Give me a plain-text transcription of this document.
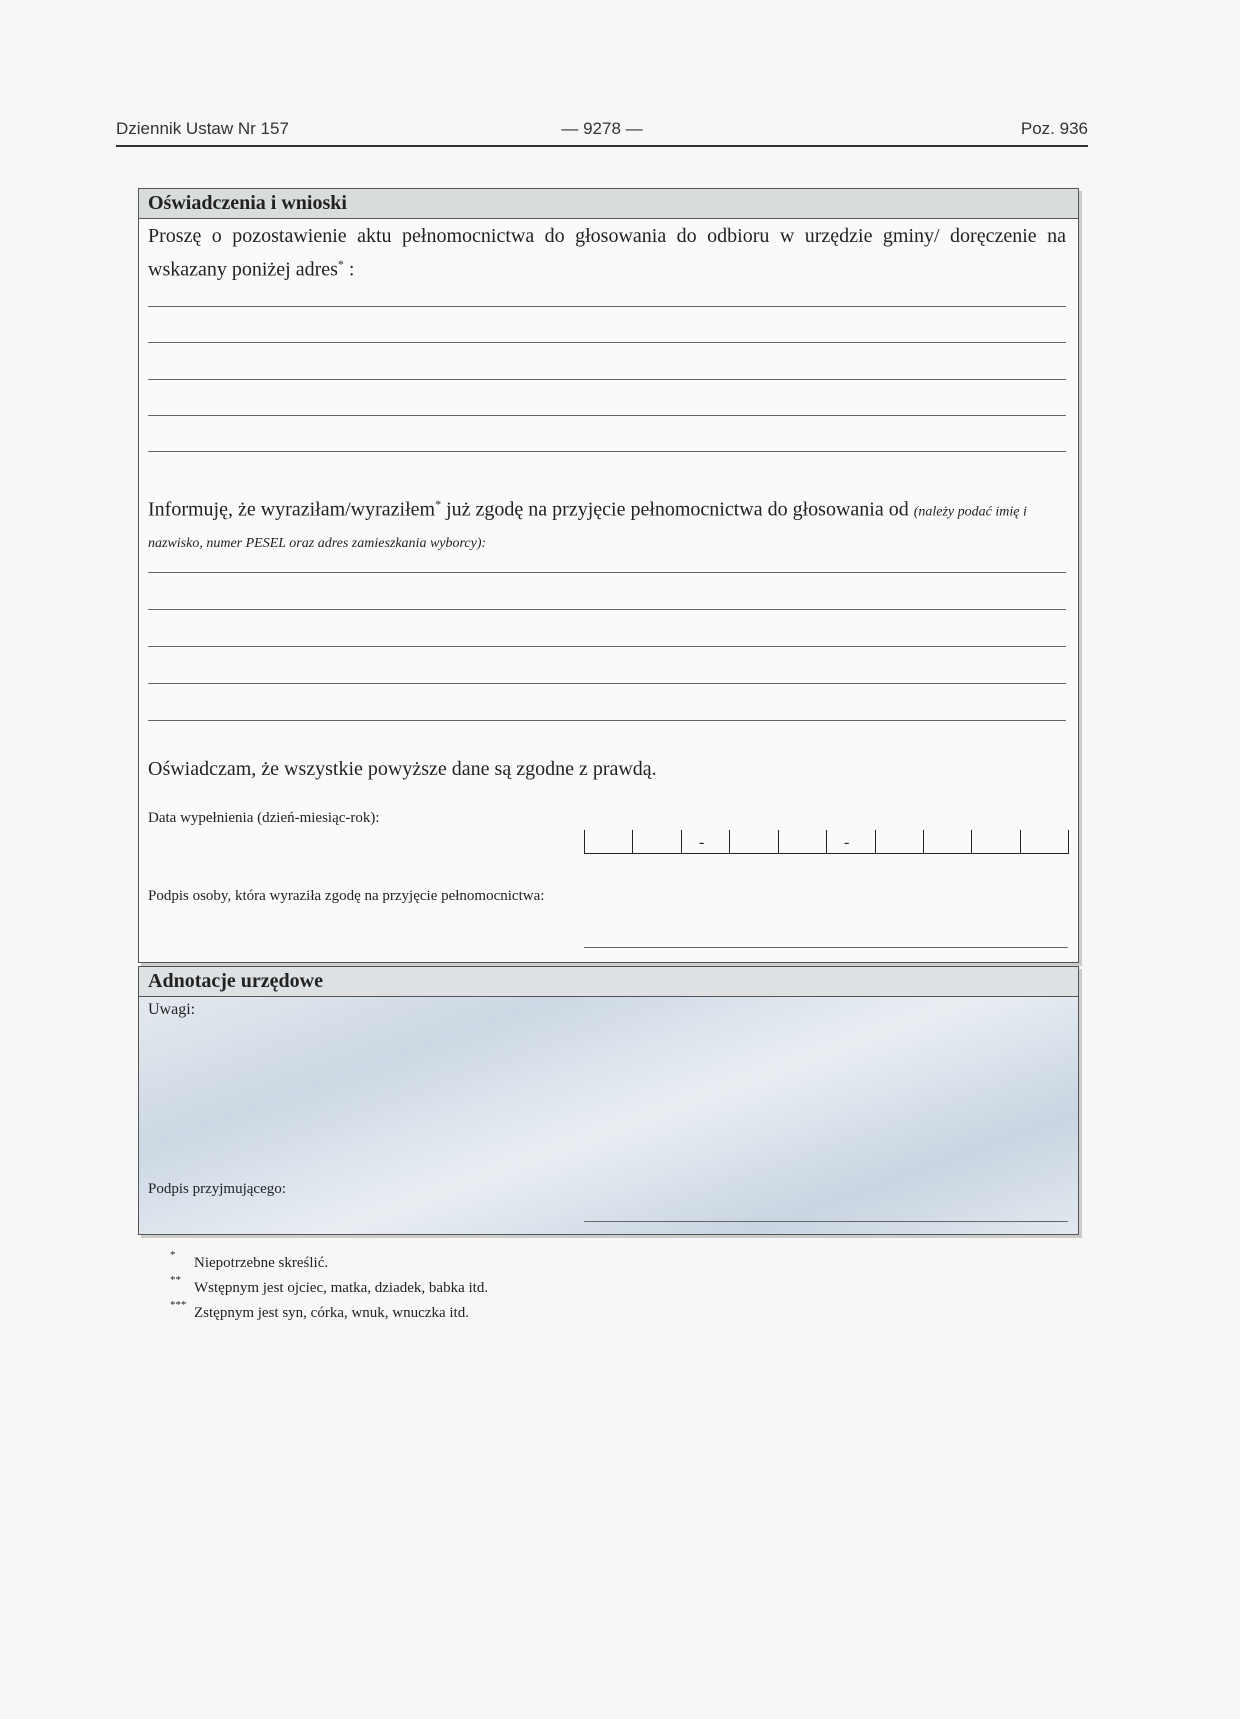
Dziennik Ustaw Nr 157	— 9278 —	Poz. 936
Oświadczenia i wnioski
Proszę o pozostawienie aktu pełnomocnictwa do głosowania do odbioru w urzędzie gminy/ doręczenie na wskazany poniżej adres* :
Informuję, że wyraziłam/wyraziłem* już zgodę na przyjęcie pełnomocnictwa do głosowania od (należy podać imię i nazwisko, numer PESEL oraz adres zamieszkania wyborcy):
Oświadczam, że wszystkie powyższe dane są zgodne z prawdą.
Data wypełnienia (dzień-miesiąc-rok):
-	-
Podpis osoby, która wyraziła zgodę na przyjęcie pełnomocnictwa:
Adnotacje urzędowe
Uwagi:
Podpis przyjmującego:
* Niepotrzebne skreślić.
** Wstępnym jest ojciec, matka, dziadek, babka itd.
*** Zstępnym jest syn, córka, wnuk, wnuczka itd.
